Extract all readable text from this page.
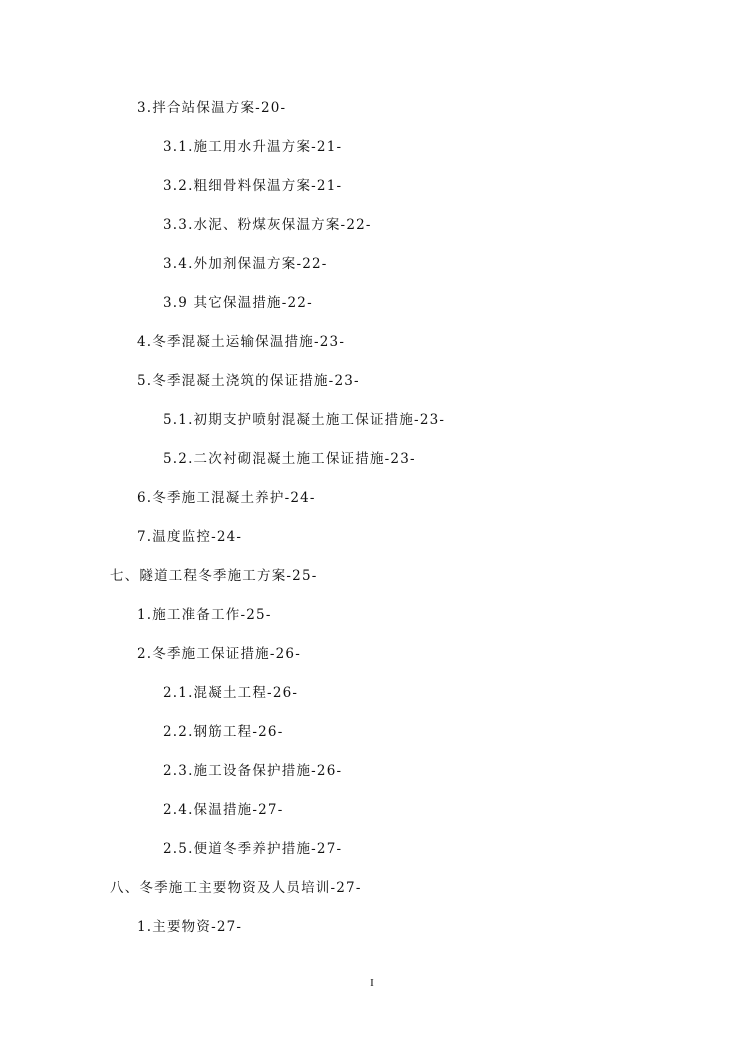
3.拌合站保温方案-20-
3.1.施工用水升温方案-21-
3.2.粗细骨料保温方案-21-
3.3.水泥、粉煤灰保温方案-22-
3.4.外加剂保温方案-22-
3.9 其它保温措施-22-
4.冬季混凝土运输保温措施-23-
5.冬季混凝土浇筑的保证措施-23-
5.1.初期支护喷射混凝土施工保证措施-23-
5.2.二次衬砌混凝土施工保证措施-23-
6.冬季施工混凝土养护-24-
7.温度监控-24-
七、隧道工程冬季施工方案-25-
1.施工准备工作-25-
2.冬季施工保证措施-26-
2.1.混凝土工程-26-
2.2.钢筋工程-26-
2.3.施工设备保护措施-26-
2.4.保温措施-27-
2.5.便道冬季养护措施-27-
八、冬季施工主要物资及人员培训-27-
1.主要物资-27-
I
